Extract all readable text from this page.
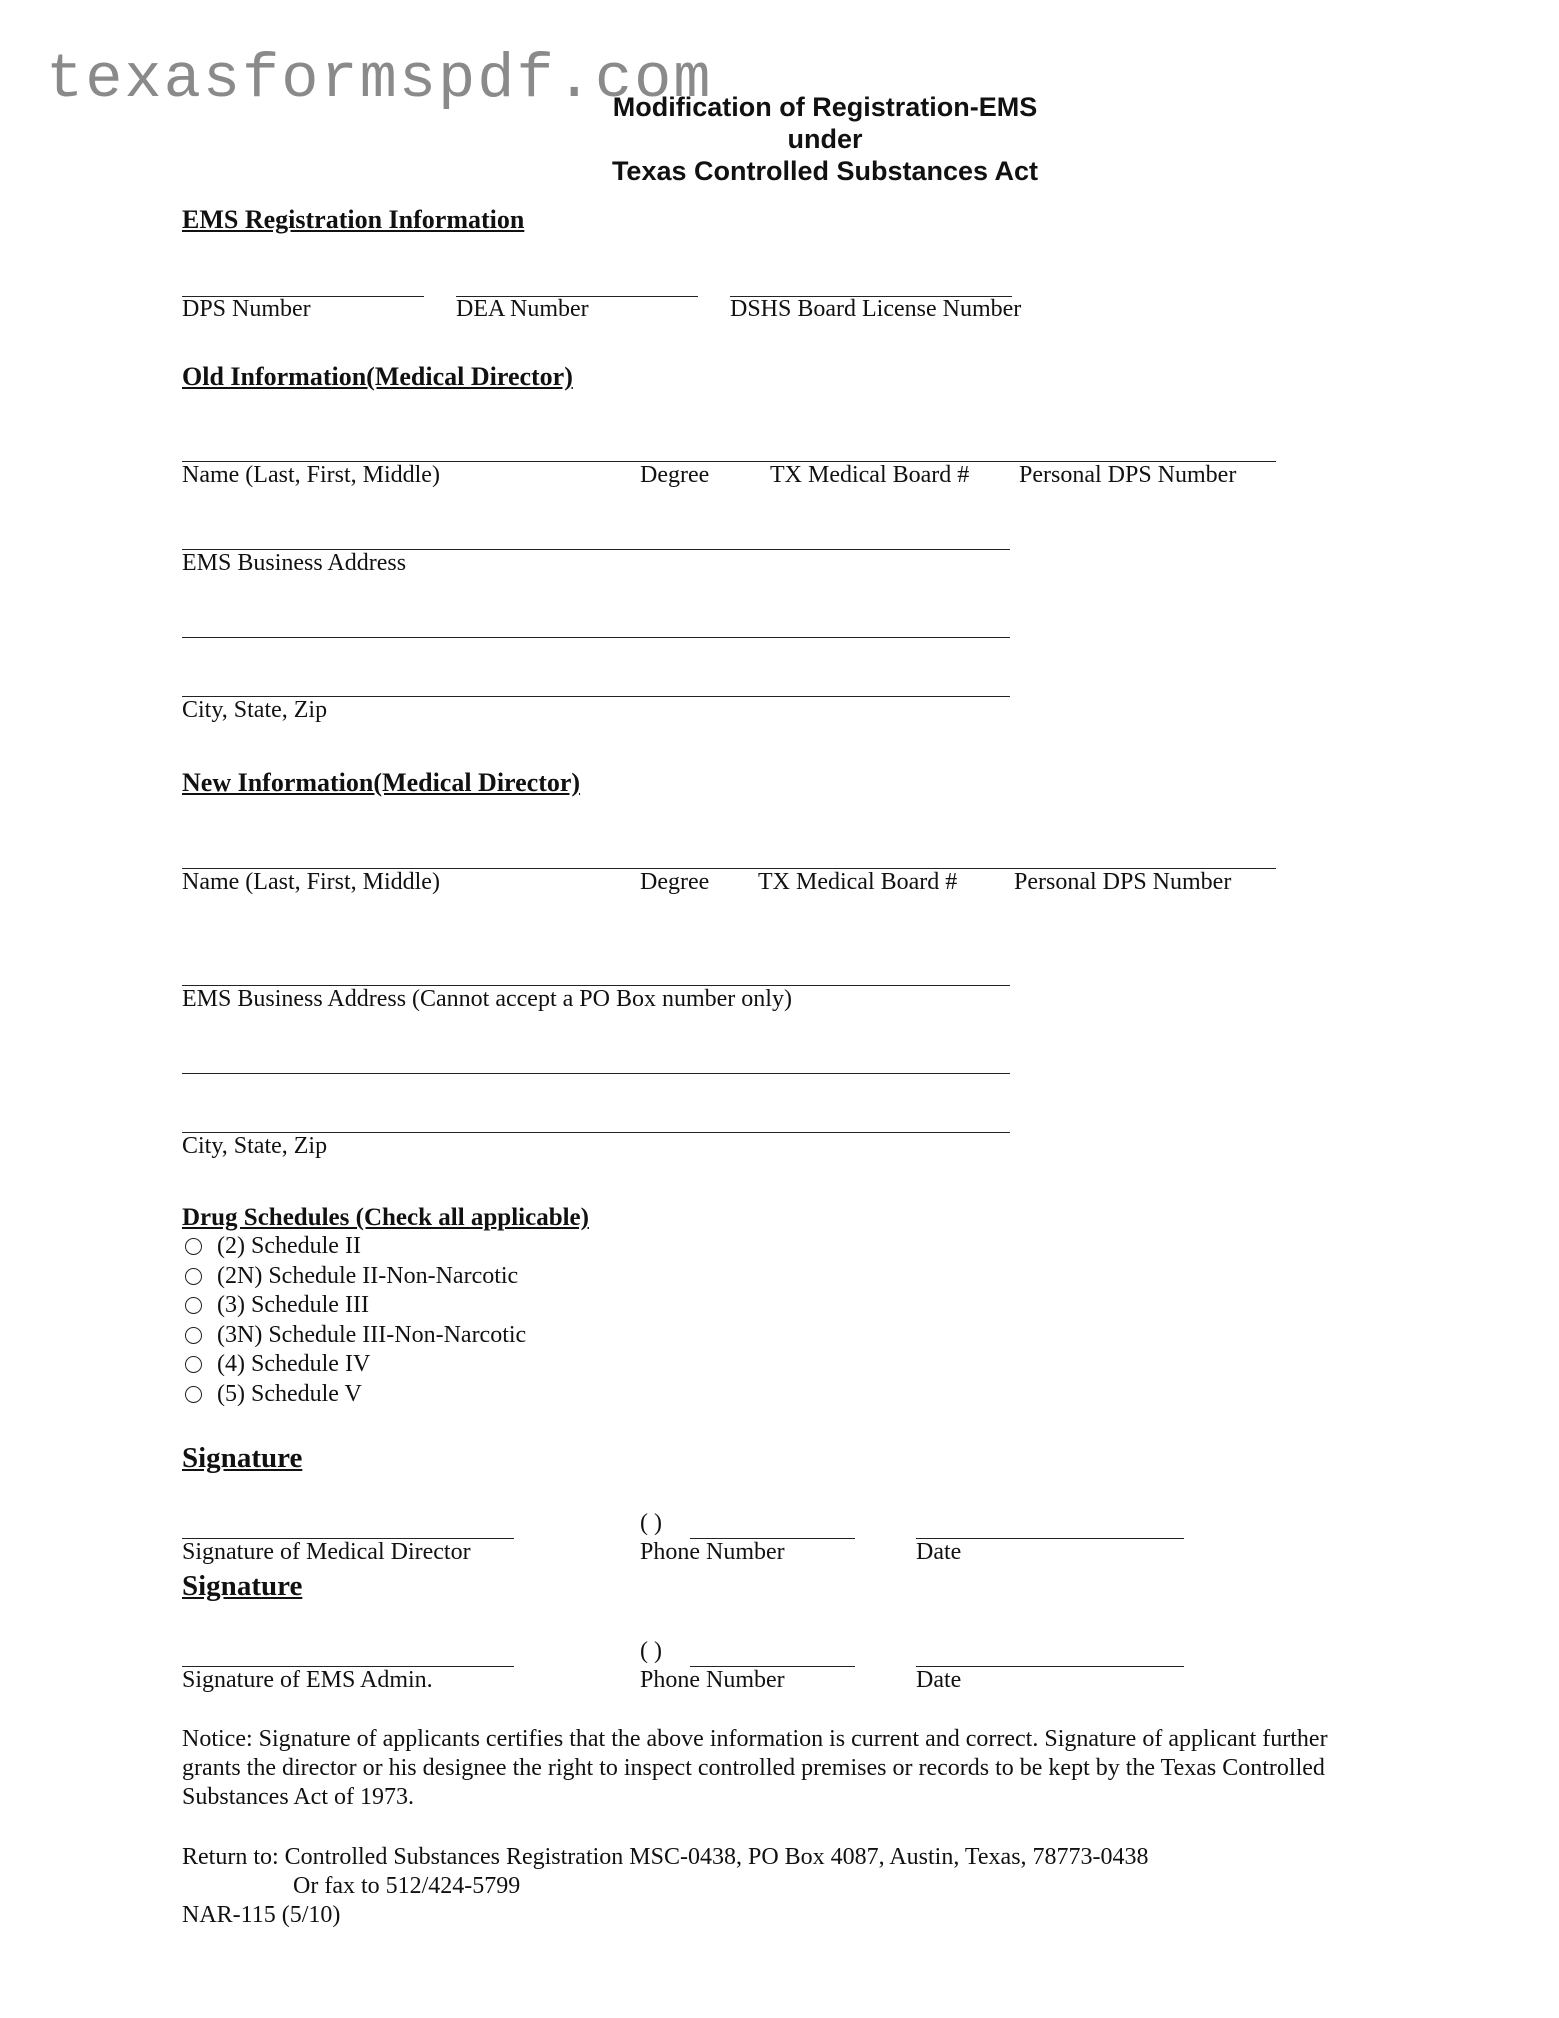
texasformspdf.com
Modification of Registration-EMS
under
Texas Controlled Substances Act
EMS Registration Information
DPS Number	DEA Number	DSHS Board License Number
Old Information(Medical Director)
Name (Last, First, Middle)	Degree	TX Medical Board # Personal DPS Number
EMS Business Address
City, State, Zip
New Information(Medical Director)
Name (Last, First, Middle)	Degree TX Medical Board # Personal DPS Number
EMS Business Address (Cannot accept a PO Box number only)
City, State, Zip
Drug Schedules (Check all applicable)
(2) Schedule II
(2N) Schedule II-Non-Narcotic
(3) Schedule III
(3N) Schedule III-Non-Narcotic
(4) Schedule IV
(5) Schedule V
Signature
( )
Signature of Medical Director	Phone Number	Date
Signature
( )
Signature of EMS Admin.	Phone Number	Date
Notice: Signature of applicants certifies that the above information is current and correct. Signature of applicant further
grants the director or his designee the right to inspect controlled premises or records to be kept by the Texas Controlled
Substances Act of 1973.
Return to: Controlled Substances Registration MSC-0438, PO Box 4087, Austin, Texas, 78773-0438
Or fax to 512/424-5799
NAR-115 (5/10)
